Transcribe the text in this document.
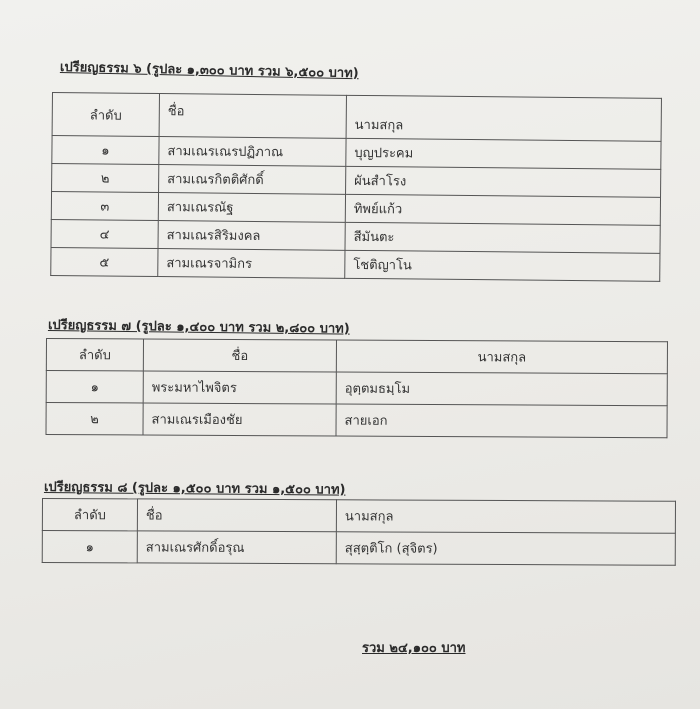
เปรียญธรรม ๖ (รูปละ ๑,๓๐๐ บาท รวม ๖,๕๐๐ บาท)
ลำดับ	ชื่อ	นามสกุล
๑	สามเณรเณรปฏิภาณ	บุญประคม
๒	สามเณรกิตติศักดิ์	ผันสำโรง
๓	สามเณรณัฐ	ทิพย์แก้ว
๔	สามเณรสิริมงคล	สีมันตะ
๕	สามเณรจามิกร	โชติญาโน
เปรียญธรรม ๗ (รูปละ ๑,๔๐๐ บาท รวม ๒,๘๐๐ บาท)
ลำดับ	ชื่อ	นามสกุล
๑	พระมหาไพจิตร	อุตฺตมธมฺโม
๒	สามเณรเมืองชัย	สายเอก
เปรียญธรรม ๘ (รูปละ ๑,๕๐๐ บาท รวม ๑,๕๐๐ บาท)
ลำดับ	ชื่อ	นามสกุล
๑	สามเณรศักดิ์อรุณ	สุสฺตฺติโก (สุจิตร)
รวม ๒๔,๑๐๐ บาท
